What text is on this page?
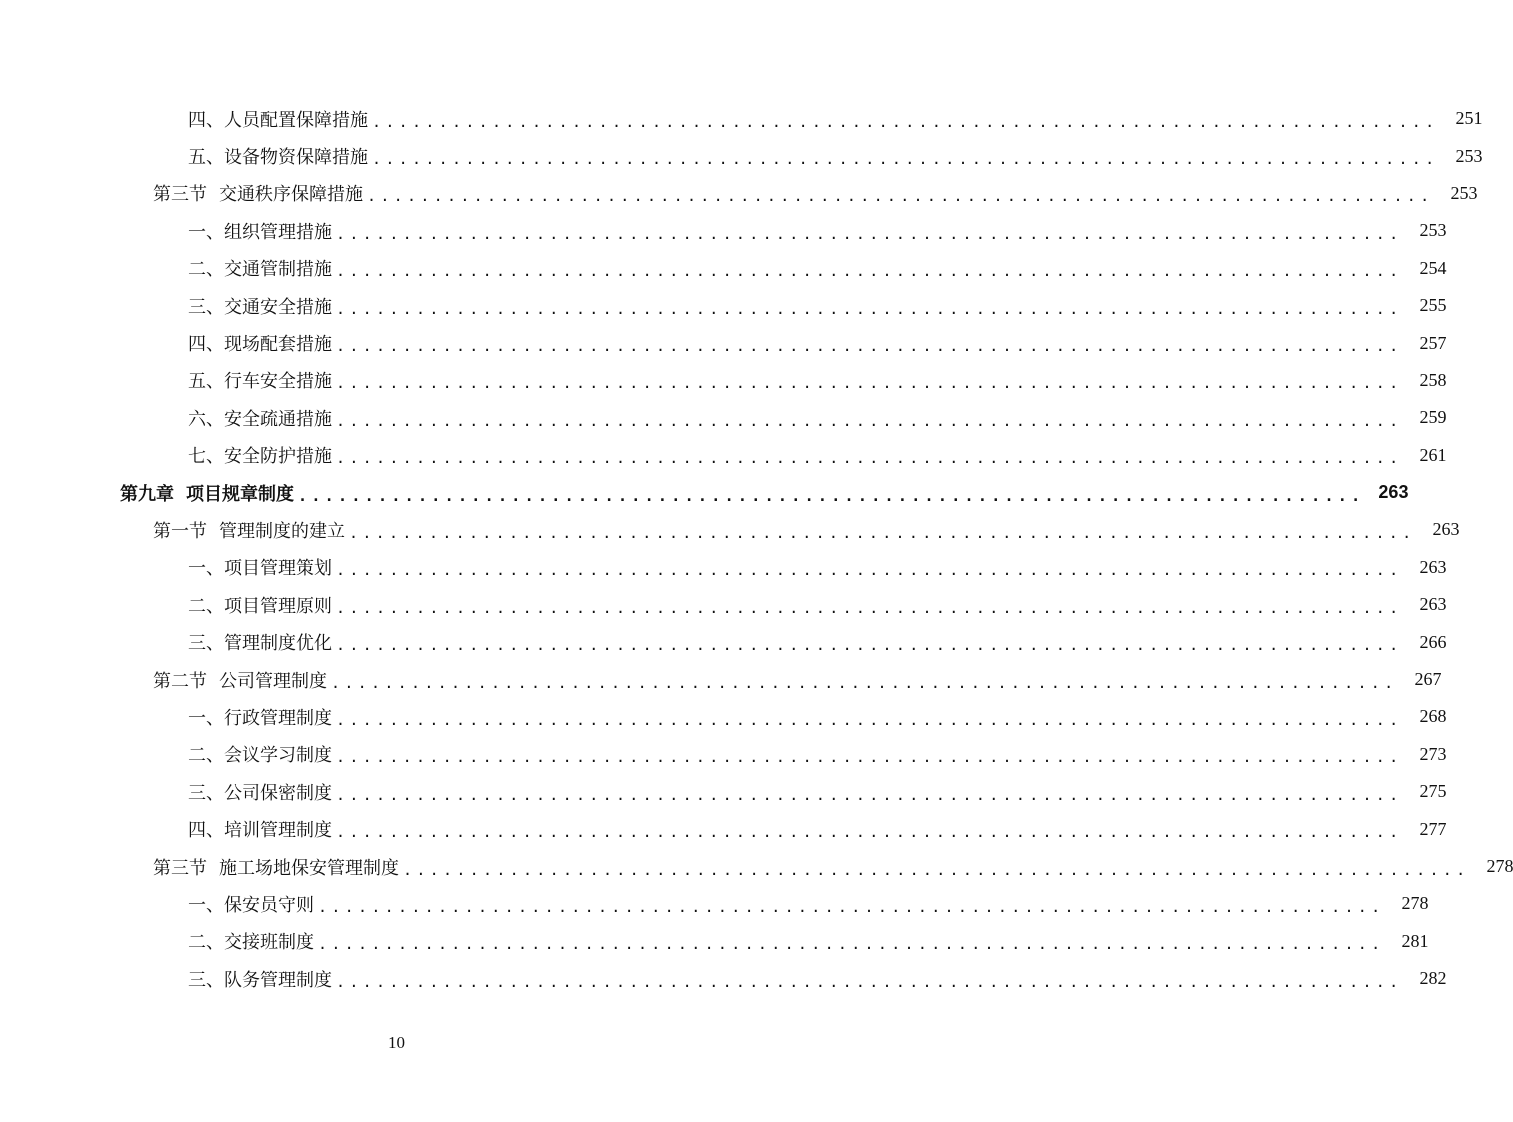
四、人员配置保障措施 ................................................................................ 251
五、设备物资保障措施 ................................................................................ 253
第三节 交通秩序保障措施 ................................................................................ 253
一、组织管理措施 ................................................................................ 253
二、交通管制措施 ................................................................................ 254
三、交通安全措施 ................................................................................ 255
四、现场配套措施 ................................................................................ 257
五、行车安全措施 ................................................................................ 258
六、安全疏通措施 ................................................................................ 259
七、安全防护措施 ................................................................................ 261
第九章 项目规章制度 ................................................................................ 263
第一节 管理制度的建立 ................................................................................ 263
一、项目管理策划 ................................................................................ 263
二、项目管理原则 ................................................................................ 263
三、管理制度优化 ................................................................................ 266
第二节 公司管理制度 ................................................................................ 267
一、行政管理制度 ................................................................................ 268
二、会议学习制度 ................................................................................ 273
三、公司保密制度 ................................................................................ 275
四、培训管理制度 ................................................................................ 277
第三节 施工场地保安管理制度 ................................................................................ 278
一、保安员守则 ................................................................................ 278
二、交接班制度 ................................................................................ 281
三、队务管理制度 ................................................................................ 282
10
